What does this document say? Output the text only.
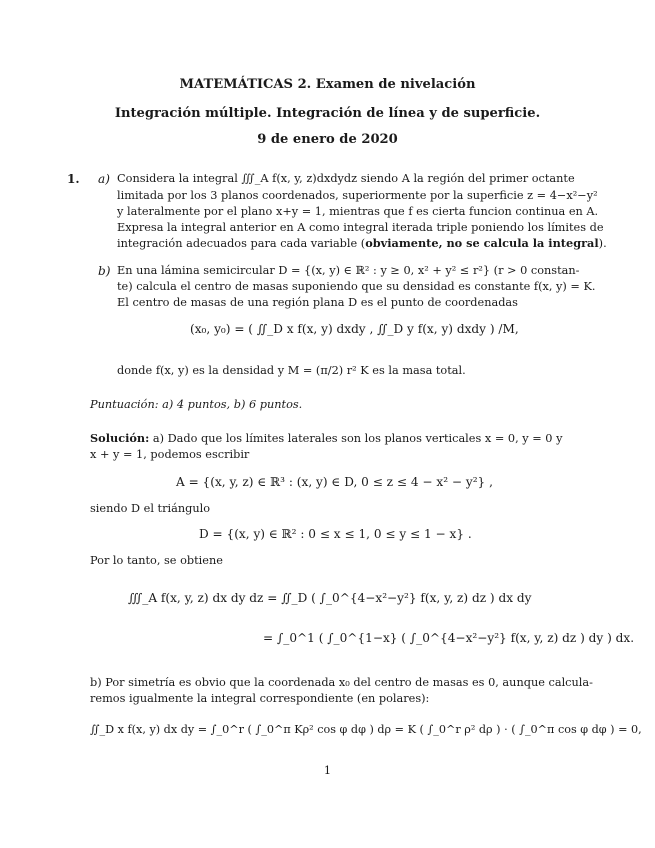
MATEMÁTICAS 2. Examen de nivelación
Integración múltiple. Integración de línea y de superficie.
9 de enero de 2020
1. a) Considera la integral ∭_A f(x, y, z)dxdydz siendo A la región del primer octante
limitada por los 3 planos coordenados, superiormente por la superficie z = 4−x²−y²
y lateralmente por el plano x+y = 1, mientras que f es cierta funcion continua en A.
Expresa la integral anterior en A como integral iterada triple poniendo los límites de
integración adecuados para cada variable (obviamente, no se calcula la integral).
b) En una lámina semicircular D = {(x, y) ∈ ℝ² : y ≥ 0, x² + y² ≤ r²} (r > 0 constan-
te) calcula el centro de masas suponiendo que su densidad es constante f(x, y) = K.
El centro de masas de una región plana D es el punto de coordenadas
(x₀, y₀) = ( ∬_D x f(x, y) dxdy , ∬_D y f(x, y) dxdy ) /M,
donde f(x, y) es la densidad y M = (π/2) r² K es la masa total.
Puntuación: a) 4 puntos, b) 6 puntos.
Solución: a) Dado que los límites laterales son los planos verticales x = 0, y = 0 y
x + y = 1, podemos escribir
A = {(x, y, z) ∈ ℝ³ : (x, y) ∈ D, 0 ≤ z ≤ 4 − x² − y²} ,
siendo D el triángulo
D = {(x, y) ∈ ℝ² : 0 ≤ x ≤ 1, 0 ≤ y ≤ 1 − x} .
Por lo tanto, se obtiene
∭_A f(x, y, z) dx dy dz = ∬_D ( ∫_0^{4−x²−y²} f(x, y, z) dz ) dx dy
= ∫_0^1 ( ∫_0^{1−x} ( ∫_0^{4−x²−y²} f(x, y, z) dz ) dy ) dx.
b) Por simetría es obvio que la coordenada x₀ del centro de masas es 0, aunque calcula-
remos igualmente la integral correspondiente (en polares):
∬_D x f(x, y) dx dy = ∫_0^r ( ∫_0^π Kρ² cos φ dφ ) dρ = K ( ∫_0^r ρ² dρ ) · ( ∫_0^π cos φ dφ ) = 0,
1
